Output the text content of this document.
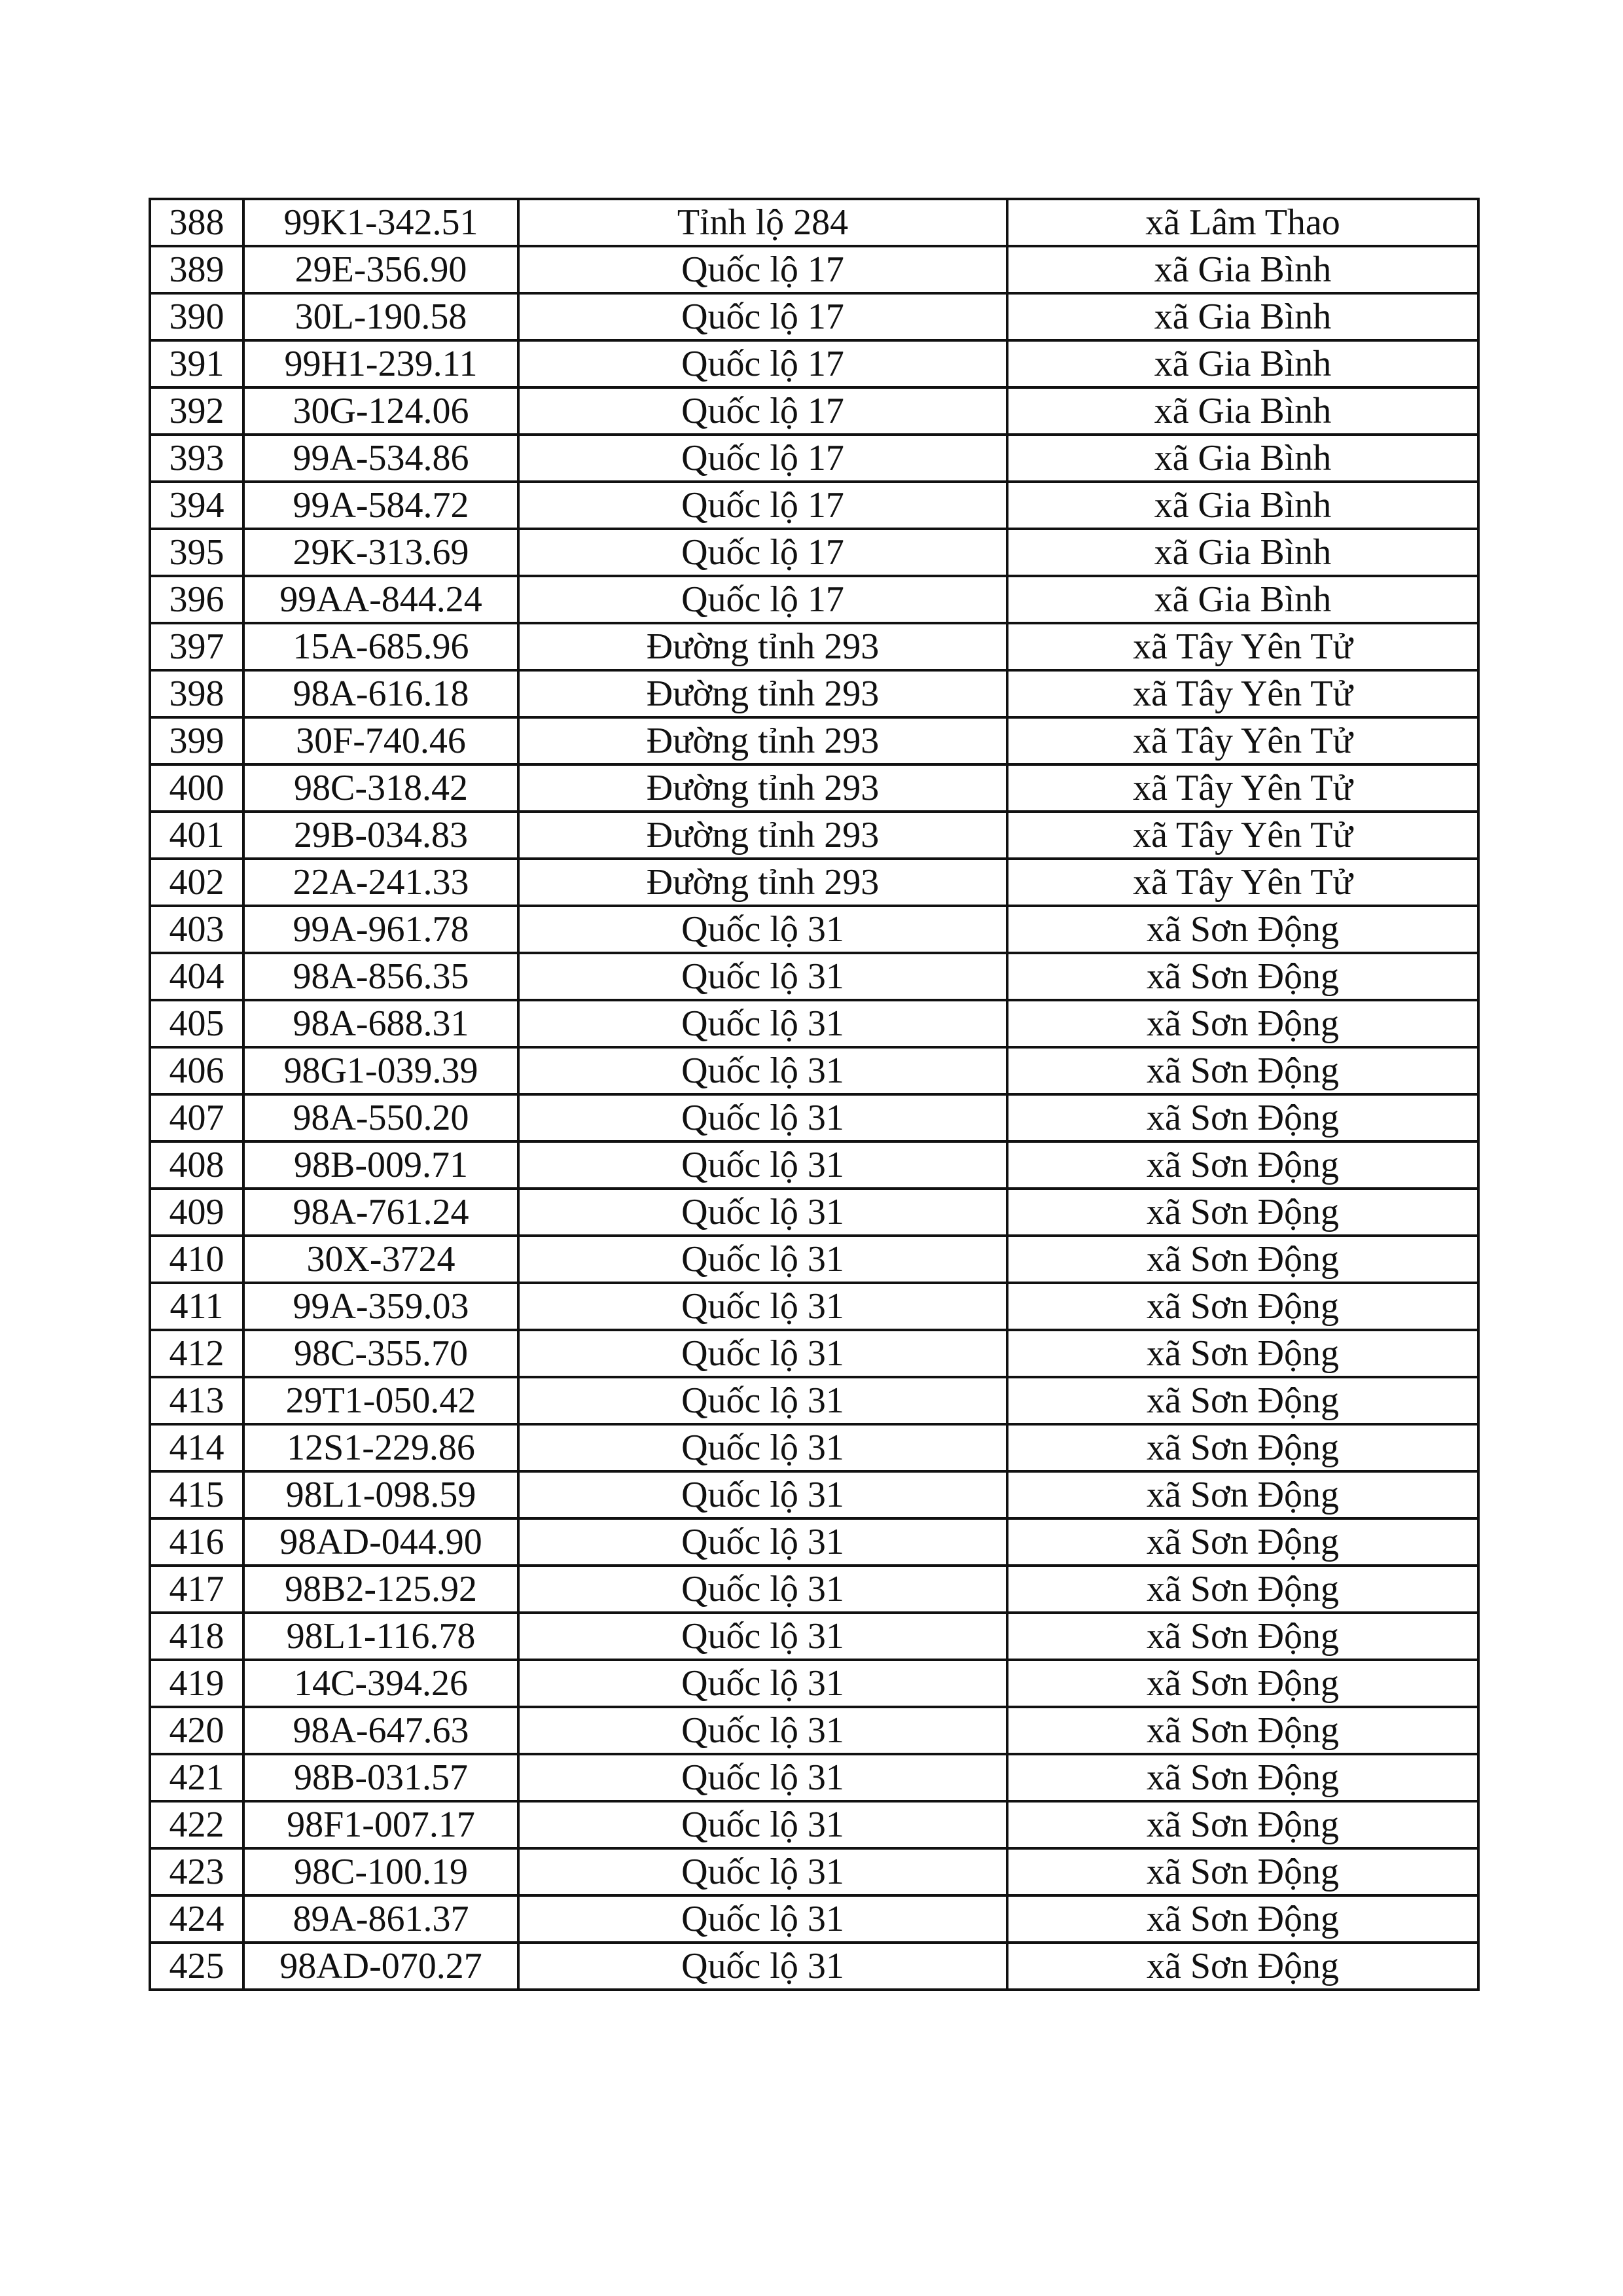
388	99K1-342.51	Tỉnh lộ 284	xã Lâm Thao
389	29E-356.90	Quốc lộ 17	xã Gia Bình
390	30L-190.58	Quốc lộ 17	xã Gia Bình
391	99H1-239.11	Quốc lộ 17	xã Gia Bình
392	30G-124.06	Quốc lộ 17	xã Gia Bình
393	99A-534.86	Quốc lộ 17	xã Gia Bình
394	99A-584.72	Quốc lộ 17	xã Gia Bình
395	29K-313.69	Quốc lộ 17	xã Gia Bình
396	99AA-844.24	Quốc lộ 17	xã Gia Bình
397	15A-685.96	Đường tỉnh 293	xã Tây Yên Tử
398	98A-616.18	Đường tỉnh 293	xã Tây Yên Tử
399	30F-740.46	Đường tỉnh 293	xã Tây Yên Tử
400	98C-318.42	Đường tỉnh 293	xã Tây Yên Tử
401	29B-034.83	Đường tỉnh 293	xã Tây Yên Tử
402	22A-241.33	Đường tỉnh 293	xã Tây Yên Tử
403	99A-961.78	Quốc lộ 31	xã Sơn Động
404	98A-856.35	Quốc lộ 31	xã Sơn Động
405	98A-688.31	Quốc lộ 31	xã Sơn Động
406	98G1-039.39	Quốc lộ 31	xã Sơn Động
407	98A-550.20	Quốc lộ 31	xã Sơn Động
408	98B-009.71	Quốc lộ 31	xã Sơn Động
409	98A-761.24	Quốc lộ 31	xã Sơn Động
410	30X-3724	Quốc lộ 31	xã Sơn Động
411	99A-359.03	Quốc lộ 31	xã Sơn Động
412	98C-355.70	Quốc lộ 31	xã Sơn Động
413	29T1-050.42	Quốc lộ 31	xã Sơn Động
414	12S1-229.86	Quốc lộ 31	xã Sơn Động
415	98L1-098.59	Quốc lộ 31	xã Sơn Động
416	98AD-044.90	Quốc lộ 31	xã Sơn Động
417	98B2-125.92	Quốc lộ 31	xã Sơn Động
418	98L1-116.78	Quốc lộ 31	xã Sơn Động
419	14C-394.26	Quốc lộ 31	xã Sơn Động
420	98A-647.63	Quốc lộ 31	xã Sơn Động
421	98B-031.57	Quốc lộ 31	xã Sơn Động
422	98F1-007.17	Quốc lộ 31	xã Sơn Động
423	98C-100.19	Quốc lộ 31	xã Sơn Động
424	89A-861.37	Quốc lộ 31	xã Sơn Động
425	98AD-070.27	Quốc lộ 31	xã Sơn Động
